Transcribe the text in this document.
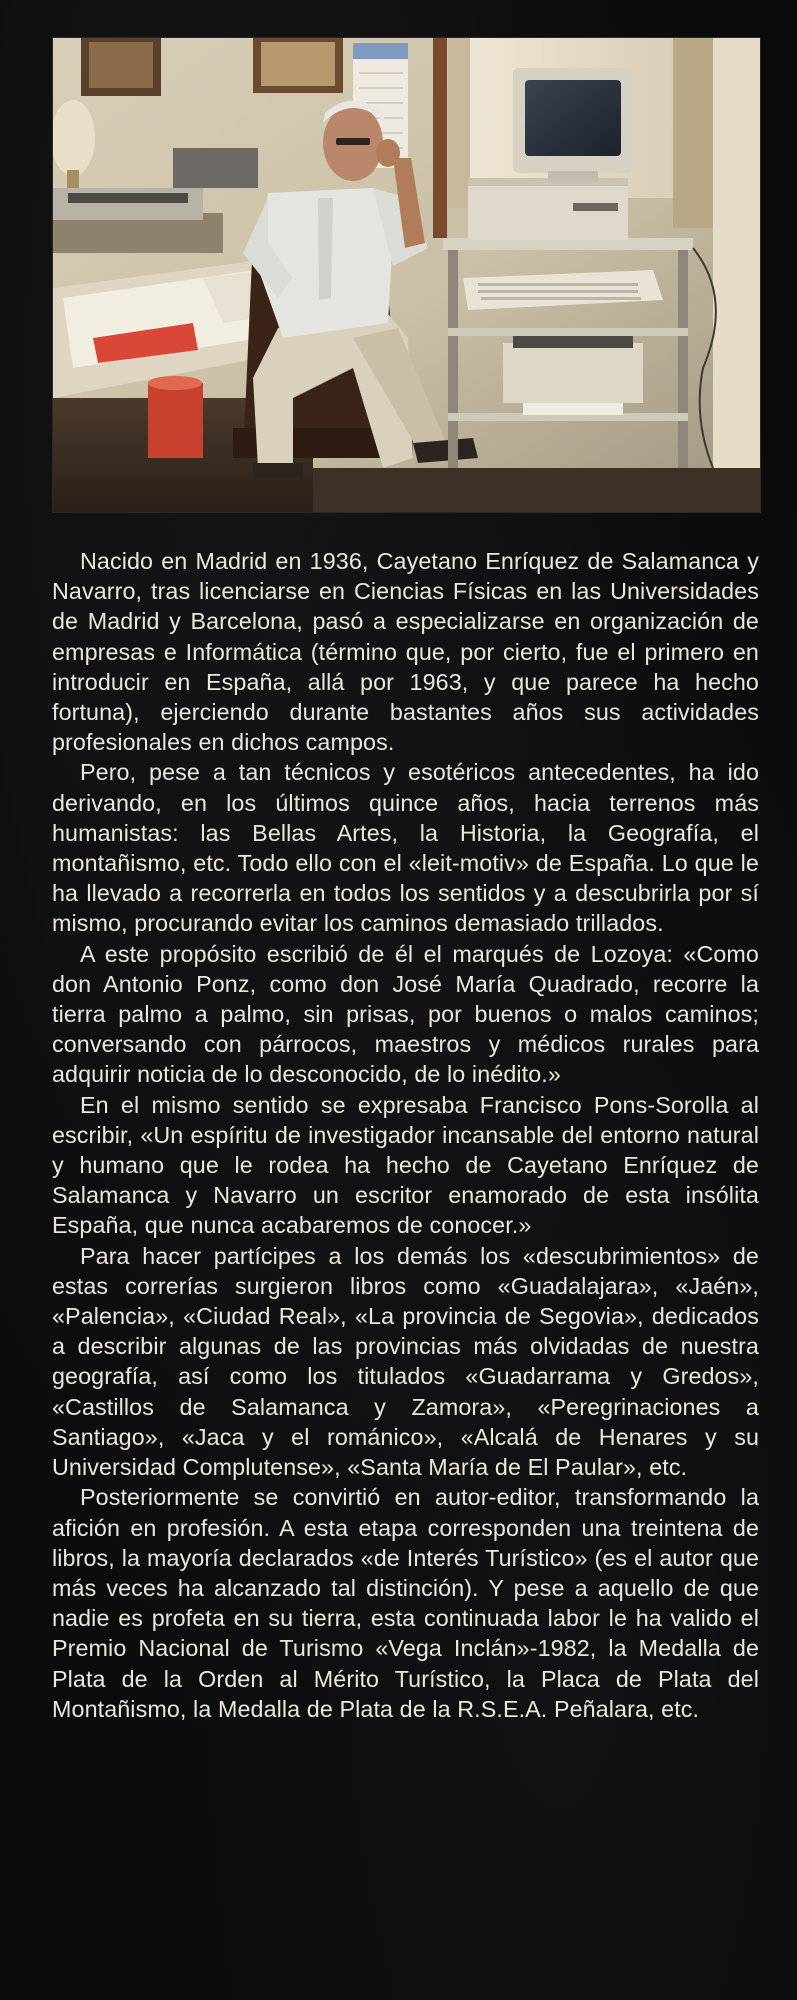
Nacido en Madrid en 1936, Cayetano Enríquez de Salamanca y Navarro, tras licenciarse en Ciencias Físicas en las Universidades de Madrid y Barcelona, pasó a especializarse en organización de empresas e Informática (término que, por cierto, fue el primero en introducir en España, allá por 1963, y que parece ha hecho fortuna), ejerciendo durante bastantes años sus actividades profesionales en dichos campos.

Pero, pese a tan técnicos y esotéricos antecedentes, ha ido derivando, en los últimos quince años, hacia terrenos más humanistas: las Bellas Artes, la Historia, la Geografía, el montañismo, etc. Todo ello con el «leit-motiv» de España. Lo que le ha llevado a recorrerla en todos los sentidos y a descubrirla por sí mismo, procurando evitar los caminos demasiado trillados.

A este propósito escribió de él el marqués de Lozoya: «Como don Antonio Ponz, como don José María Quadrado, recorre la tierra palmo a palmo, sin prisas, por buenos o malos caminos; conversando con párrocos, maestros y médicos rurales para adquirir noticia de lo desconocido, de lo inédito.»

En el mismo sentido se expresaba Francisco Pons-Sorolla al escribir, «Un espíritu de investigador incansable del entorno natural y humano que le rodea ha hecho de Cayetano Enríquez de Salamanca y Navarro un escritor enamorado de esta insólita España, que nunca acabaremos de conocer.»

Para hacer partícipes a los demás los «descubrimientos» de estas correrías surgieron libros como «Guadalajara», «Jaén», «Palencia», «Ciudad Real», «La provincia de Segovia», dedicados a describir algunas de las provincias más olvidadas de nuestra geografía, así como los titulados «Guadarrama y Gredos», «Castillos de Salamanca y Zamora», «Peregrinaciones a Santiago», «Jaca y el románico», «Alcalá de Henares y su Universidad Complutense», «Santa María de El Paular», etc.

Posteriormente se convirtió en autor-editor, transformando la afición en profesión. A esta etapa corresponden una treintena de libros, la mayoría declarados «de Interés Turístico» (es el autor que más veces ha alcanzado tal distinción). Y pese a aquello de que nadie es profeta en su tierra, esta continuada labor le ha valido el Premio Nacional de Turismo «Vega Inclán»-1982, la Medalla de Plata de la Orden al Mérito Turístico, la Placa de Plata del Montañismo, la Medalla de Plata de la R.S.E.A. Peñalara, etc.
